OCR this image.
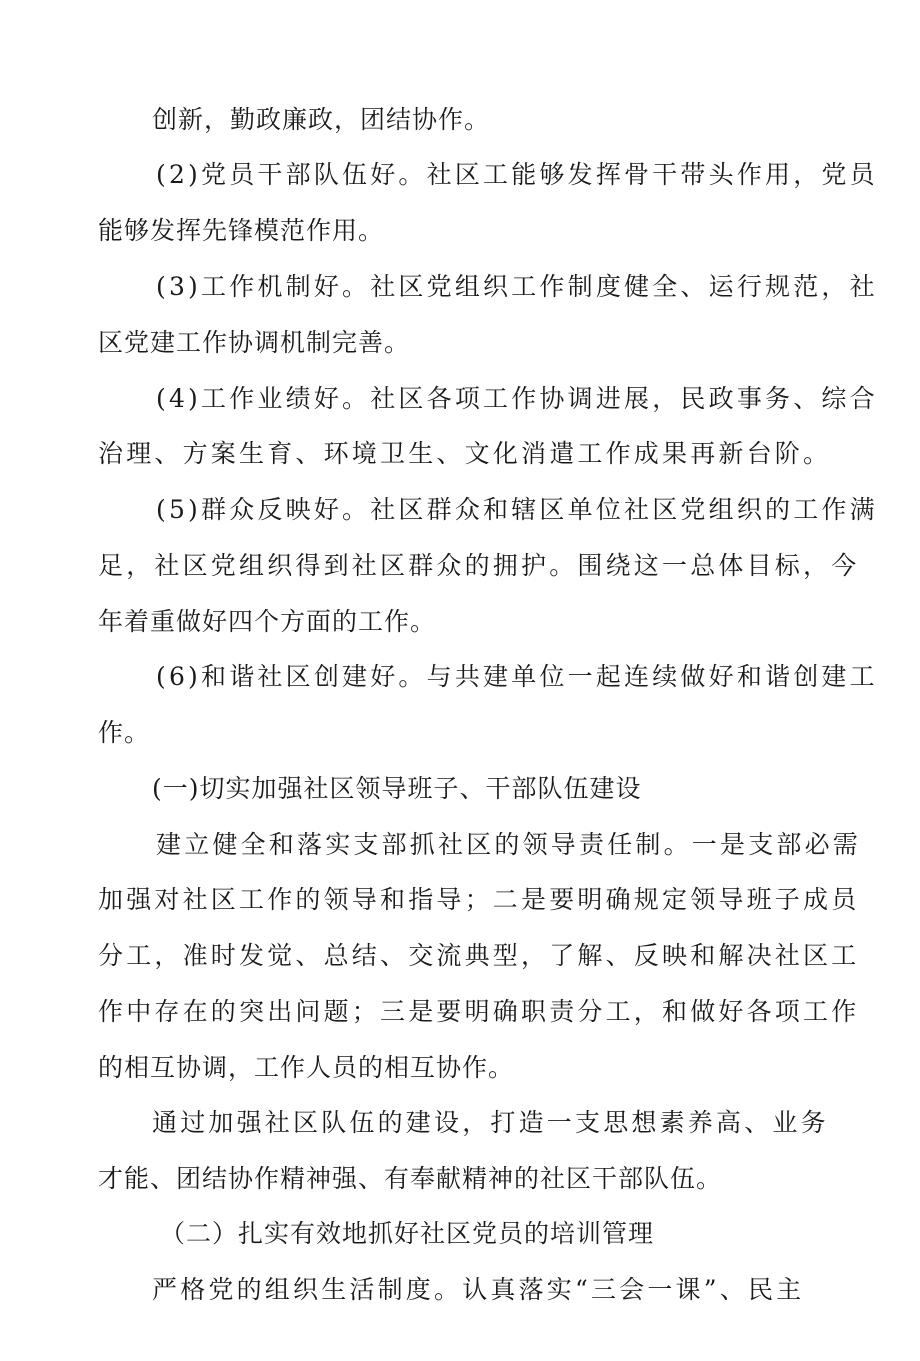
创新，勤政廉政，团结协作。
(2)党员干部队伍好。社区工能够发挥骨干带头作用，党员
能够发挥先锋模范作用。
(3)工作机制好。社区党组织工作制度健全、运行规范，社
区党建工作协调机制完善。
(4)工作业绩好。社区各项工作协调进展，民政事务、综合
治理、方案生育、环境卫生、文化消遣工作成果再新台阶。
(5)群众反映好。社区群众和辖区单位社区党组织的工作满
足，社区党组织得到社区群众的拥护。围绕这一总体目标，今
年着重做好四个方面的工作。
(6)和谐社区创建好。与共建单位一起连续做好和谐创建工
作。
(一)切实加强社区领导班子、干部队伍建设
建立健全和落实支部抓社区的领导责任制。一是支部必需
加强对社区工作的领导和指导；二是要明确规定领导班子成员
分工，准时发觉、总结、交流典型，了解、反映和解决社区工
作中存在的突出问题；三是要明确职责分工，和做好各项工作
的相互协调，工作人员的相互协作。
通过加强社区队伍的建设，打造一支思想素养高、业务
才能、团结协作精神强、有奉献精神的社区干部队伍。
（二）扎实有效地抓好社区党员的培训管理
严格党的组织生活制度。认真落实“三会一课”、民主
